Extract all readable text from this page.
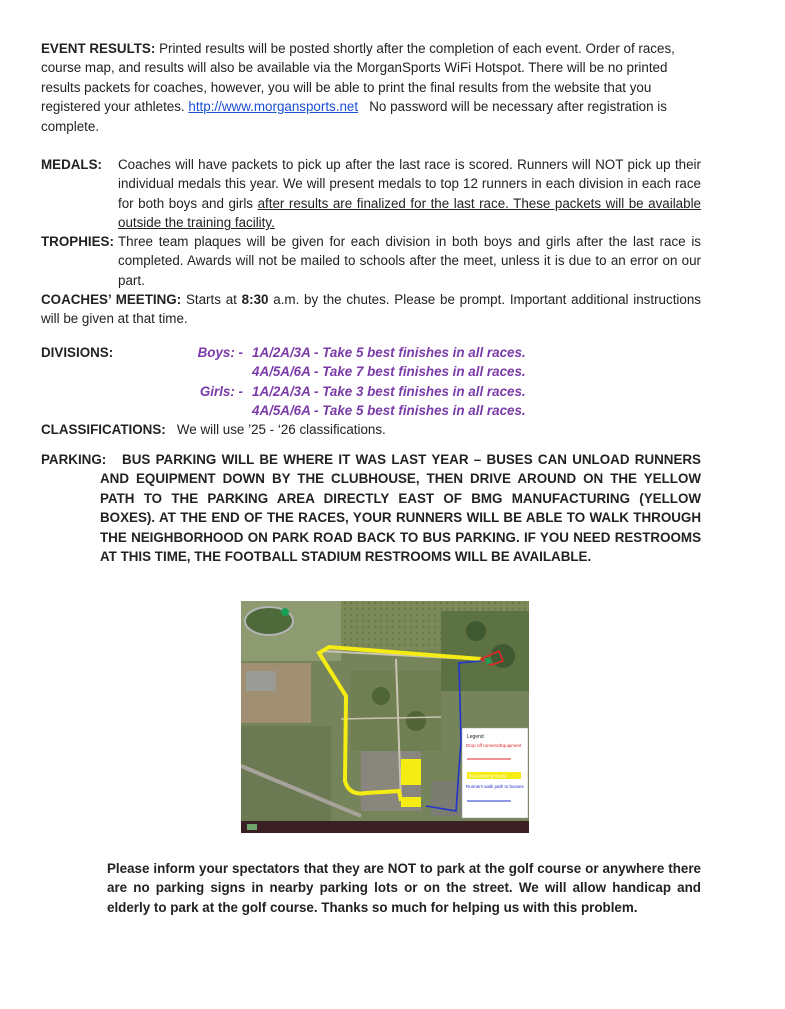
EVENT RESULTS: Printed results will be posted shortly after the completion of each event. Order of races, course map, and results will also be available via the MorganSports WiFi Hotspot. There will be no printed results packets for coaches, however, you will be able to print the final results from the website that you registered your athletes. http://www.morgansports.net No password will be necessary after registration is complete.
MEDALS:	Coaches will have packets to pick up after the last race is scored. Runners will NOT pick up their individual medals this year. We will present medals to top 12 runners in each division in each race for both boys and girls after results are finalized for the last race. These packets will be available outside the training facility.
TROPHIES: Three team plaques will be given for each division in both boys and girls after the last race is completed. Awards will not be mailed to schools after the meet, unless it is due to an error on our part.
COACHES’ MEETING: Starts at 8:30 a.m. by the chutes. Please be prompt. Important additional instructions will be given at that time.
DIVISIONS:	Boys: - 1A/2A/3A - Take 5 best finishes in all races.
4A/5A/6A - Take 7 best finishes in all races.
Girls: - 1A/2A/3A - Take 3 best finishes in all races.
4A/5A/6A - Take 5 best finishes in all races.
CLASSIFICATIONS: We will use ’25 - ‘26 classifications.
PARKING: BUS PARKING WILL BE WHERE IT WAS LAST YEAR – BUSES CAN UNLOAD RUNNERS AND EQUIPMENT DOWN BY THE CLUBHOUSE, THEN DRIVE AROUND ON THE YELLOW PATH TO THE PARKING AREA DIRECTLY EAST OF BMG MANUFACTURING (YELLOW BOXES). AT THE END OF THE RACES, YOUR RUNNERS WILL BE ABLE TO WALK THROUGH THE NEIGHBORHOOD ON PARK ROAD BACK TO BUS PARKING. IF YOU NEED RESTROOMS AT THIS TIME, THE FOOTBALL STADIUM RESTROOMS WILL BE AVAILABLE.
Legend
Drop off runners/Equipment
Bus Parking Route
Runners walk path to busses
Please inform your spectators that they are NOT to park at the golf course or anywhere there are no parking signs in nearby parking lots or on the street. We will allow handicap and elderly to park at the golf course. Thanks so much for helping us with this problem.
